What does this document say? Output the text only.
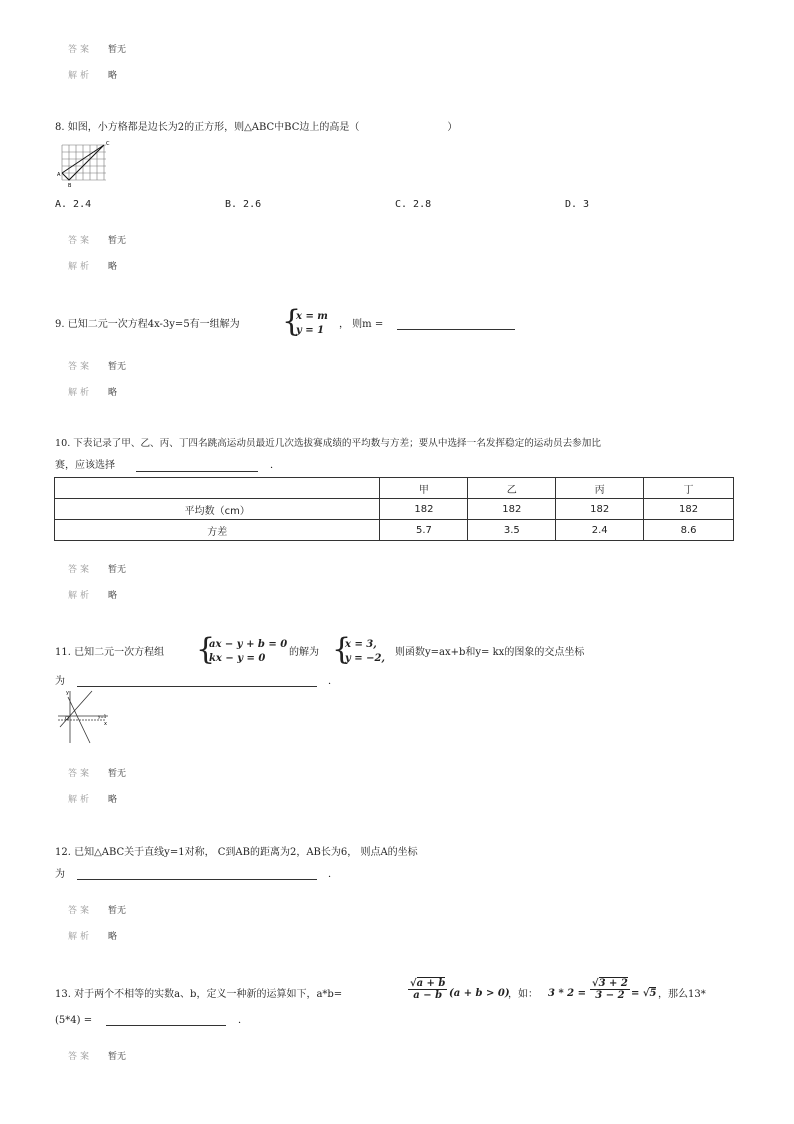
答案 暂无
解析 略
8. 如图，小方格都是边长为2的正方形，则△ABC中BC边上的高是（	）
A
B
C
A. 2.4	B. 2.6	C. 2.8	D. 3
答案 暂无
解析 略
9. 已知二元一次方程4x-3y=5有一组解为 {
x = m
y = 1
， 则m =
答案 暂无
解析 略
10. 下表记录了甲、乙、丙、丁四名跳高运动员最近几次选拔赛成绩的平均数与方差；要从中选择一名发挥稳定的运动员去参加比
赛，应该选择	．
	甲	乙	丙	丁
平均数（cm）	182	182	182	182
方差	5.7	3.5	2.4	8.6
答案 暂无
解析 略
11. 已知二元一次方程组 {
ax − y + b = 0
kx − y = 0
的解为 {
x = 3,
y = −2,
则函数y=ax+b和y= kx的图象的交点坐标
为	．
y
O	y=1
x
答案 暂无
解析 略
12. 已知△ABC关于直线y=1对称， C到AB的距离为2，AB长为6， 则点A的坐标
为	．
答案 暂无
解析 略
13. 对于两个不相等的实数a、b，定义一种新的运算如下，a*b=	$\frac{√a + b}{a - b} (a + b > 0)$
，如： $3 * 2 = \frac{√3 + 2}{3 - 2} = √5$ ，那么13*
(5*4) =	．
答案 暂无
